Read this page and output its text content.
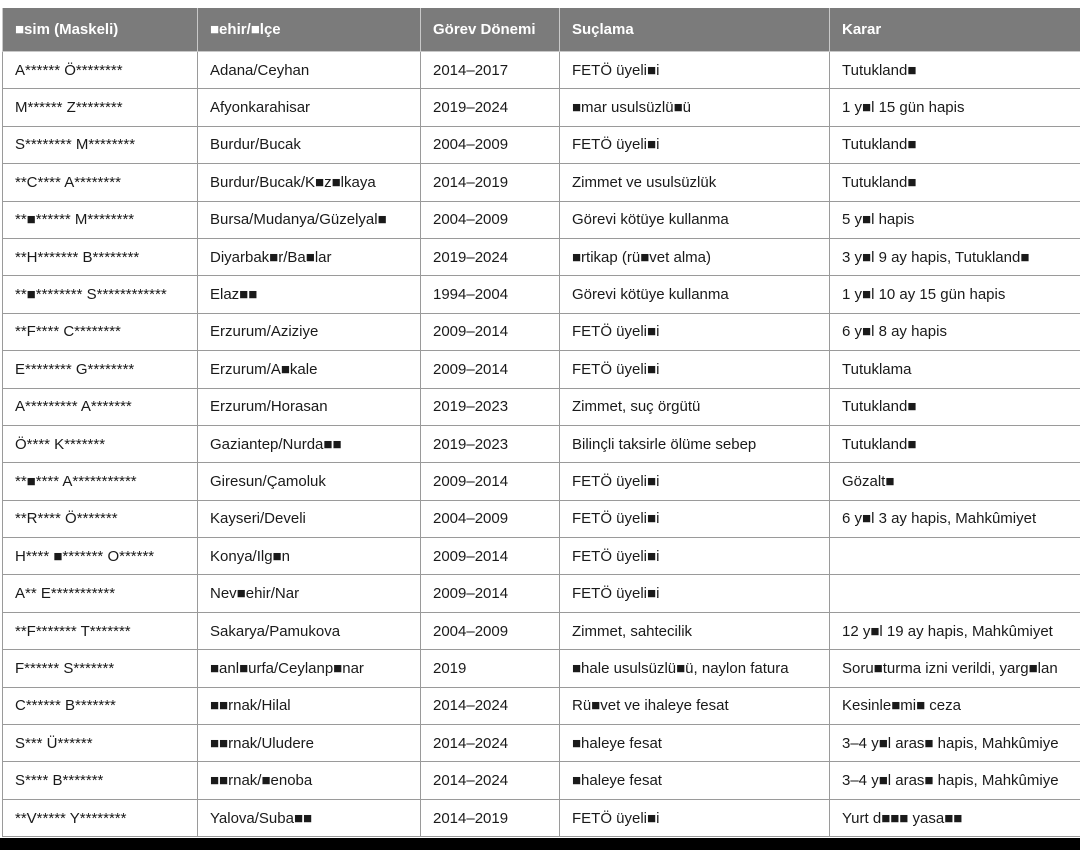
■sim (Maskeli)	■ehir/■lçe	Görev Dönemi	Suçlama	Karar
A****** Ö********	Adana/Ceyhan	2014–2017	FETÖ üyeli■i	Tutukland■
M****** Z********	Afyonkarahisar	2019–2024	■mar usulsüzlü■ü	1 y■l 15 gün hapis
S******** M********	Burdur/Bucak	2004–2009	FETÖ üyeli■i	Tutukland■
**C**** A********	Burdur/Bucak/K■z■lkaya	2014–2019	Zimmet ve usulsüzlük	Tutukland■
**■****** M********	Bursa/Mudanya/Güzelyal■	2004–2009	Görevi kötüye kullanma	5 y■l hapis
**H******* B********	Diyarbak■r/Ba■lar	2019–2024	■rtikap (rü■vet alma)	3 y■l 9 ay hapis, Tutukland■
**■******** S************	Elaz■■	1994–2004	Görevi kötüye kullanma	1 y■l 10 ay 15 gün hapis
**F**** C********	Erzurum/Aziziye	2009–2014	FETÖ üyeli■i	6 y■l 8 ay hapis
E******** G********	Erzurum/A■kale	2009–2014	FETÖ üyeli■i	Tutuklama
A********* A*******	Erzurum/Horasan	2019–2023	Zimmet, suç örgütü	Tutukland■
Ö**** K*******	Gaziantep/Nurda■■	2019–2023	Bilinçli taksirle ölüme sebep	Tutukland■
**■**** A***********	Giresun/Çamoluk	2009–2014	FETÖ üyeli■i	Gözalt■
**R**** Ö*******	Kayseri/Develi	2004–2009	FETÖ üyeli■i	6 y■l 3 ay hapis, Mahkûmiyet
H**** ■******* O******	Konya/Ilg■n	2009–2014	FETÖ üyeli■i	
A** E***********	Nev■ehir/Nar	2009–2014	FETÖ üyeli■i	
**F******* T*******	Sakarya/Pamukova	2004–2009	Zimmet, sahtecilik	12 y■l 19 ay hapis, Mahkûmiyet
F****** S*******	■anl■urfa/Ceylanp■nar	2019	■hale usulsüzlü■ü, naylon fatura	Soru■turma izni verildi, yarg■lan
C****** B*******	■■rnak/Hilal	2014–2024	Rü■vet ve ihaleye fesat	Kesinle■mi■ ceza
S*** Ü******	■■rnak/Uludere	2014–2024	■haleye fesat	3–4 y■l aras■ hapis, Mahkûmiye
S**** B*******	■■rnak/■enoba	2014–2024	■haleye fesat	3–4 y■l aras■ hapis, Mahkûmiye
**V***** Y********	Yalova/Suba■■	2014–2019	FETÖ üyeli■i	Yurt d■■■ yasa■■
